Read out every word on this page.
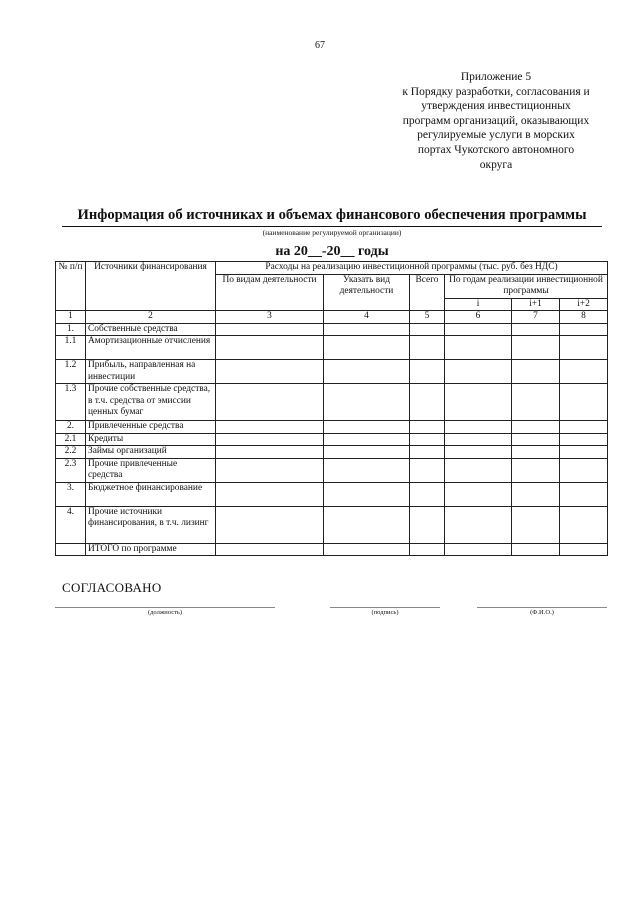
67
Приложение 5
к Порядку разработки, согласования и
утверждения инвестиционных
программ организаций, оказывающих
регулируемые услуги в морских
портах Чукотского автономного
округа
Информация об источниках и объемах финансового обеспечения программы
(наименование регулируемой организации)
на 20__-20__ годы
№ п/п	Источники финансирования	Расходы на реализацию инвестиционной программы (тыс. руб. без НДС)					
		По видам деятельности	Указать вид деятельности	Всего	По годам реализации инвестиционной программы		
					i	i+1	i+2
1	2	3	4	5	6	7	8
1.	Собственные средства						
1.1	Амортизационные отчисления						
1.2	Прибыль, направленная на инвестиции						
1.3	Прочие собственные средства, в т.ч. средства от эмиссии ценных бумаг						
2.	Привлеченные средства						
2.1	Кредиты						
2.2	Займы организаций						
2.3	Прочие привлеченные средства						
3.	Бюджетное финансирование						
4.	Прочие источники финансирования, в т.ч. лизинг						
	ИТОГО по программе						
СОГЛАСОВАНО
(должность)	(подпись)	(Ф.И.О.)
